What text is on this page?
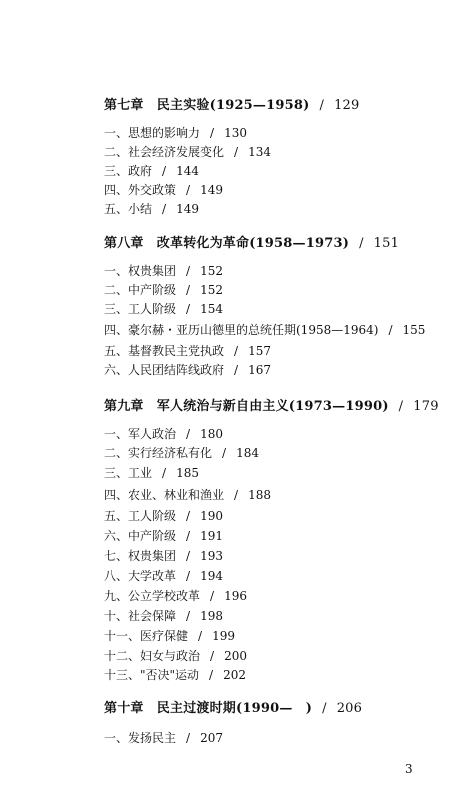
第七章　民主实验(1925—1958) / 129
一、思想的影响力 / 130
二、社会经济发展变化 / 134
三、政府 / 144
四、外交政策 / 149
五、小结 / 149
第八章　改革转化为革命(1958—1973) / 151
一、权贵集团 / 152
二、中产阶级 / 152
三、工人阶级 / 154
四、豪尔赫・亚历山德里的总统任期(1958—1964) / 155
五、基督教民主党执政 / 157
六、人民团结阵线政府 / 167
第九章　军人统治与新自由主义(1973—1990) / 179
一、军人政治 / 180
二、实行经济私有化 / 184
三、工业 / 185
四、农业、林业和渔业 / 188
五、工人阶级 / 190
六、中产阶级 / 191
七、权贵集团 / 193
八、大学改革 / 194
九、公立学校改革 / 196
十、社会保障 / 198
十一、医疗保健 / 199
十二、妇女与政治 / 200
十三、"否决"运动 / 202
第十章　民主过渡时期(1990—　) / 206
一、发扬民主 / 207
3
